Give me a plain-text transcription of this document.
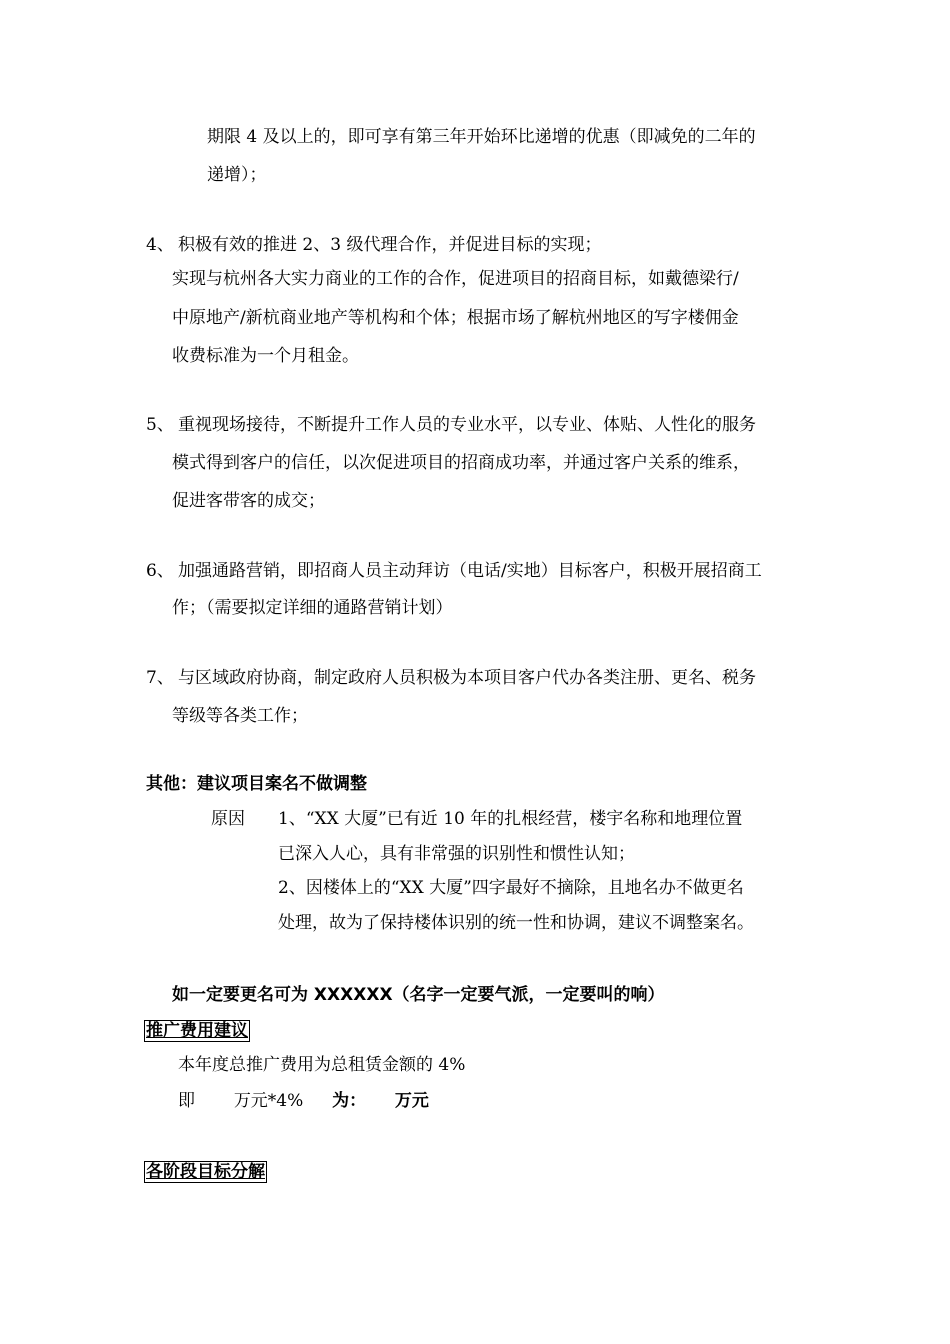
期限 4 及以上的，即可享有第三年开始环比递增的优惠（即减免的二年的
递增）；
4、 积极有效的推进 2、3 级代理合作，并促进目标的实现；
实现与杭州各大实力商业的工作的合作，促进项目的招商目标，如戴德梁行/
中原地产/新杭商业地产等机构和个体；根据市场了解杭州地区的写字楼佣金
收费标准为一个月租金。
5、 重视现场接待，不断提升工作人员的专业水平，以专业、体贴、人性化的服务
模式得到客户的信任，以次促进项目的招商成功率，并通过客户关系的维系，
促进客带客的成交；
6、 加强通路营销，即招商人员主动拜访（电话/实地）目标客户，积极开展招商工
作；（需要拟定详细的通路营销计划）
7、 与区域政府协商，制定政府人员积极为本项目客户代办各类注册、更名、税务
等级等各类工作；
其他：建议项目案名不做调整
原因 1、“XX 大厦”已有近 10 年的扎根经营，楼宇名称和地理位置
已深入人心，具有非常强的识别性和惯性认知；
2、因楼体上的“XX 大厦”四字最好不摘除，且地名办不做更名
处理，故为了保持楼体识别的统一性和协调，建议不调整案名。
如一定要更名可为 XXXXXX（名字一定要气派，一定要叫的响）
推广费用建议
本年度总推广费用为总租赁金额的 4%
即 万元*4% 为： 万元
各阶段目标分解
